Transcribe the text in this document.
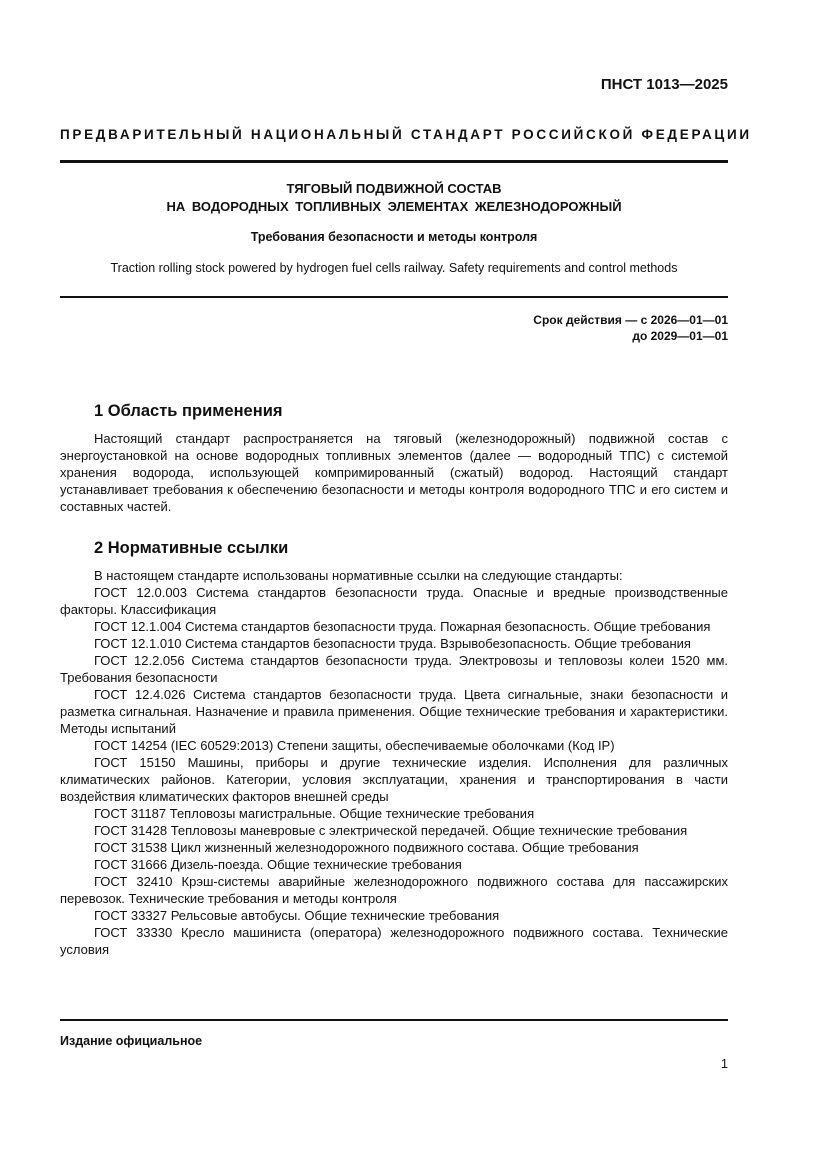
ПНСТ 1013—2025
ПРЕДВАРИТЕЛЬНЫЙ НАЦИОНАЛЬНЫЙ СТАНДАРТ РОССИЙСКОЙ ФЕДЕРАЦИИ
ТЯГОВЫЙ ПОДВИЖНОЙ СОСТАВ
НА ВОДОРОДНЫХ ТОПЛИВНЫХ ЭЛЕМЕНТАХ ЖЕЛЕЗНОДОРОЖНЫЙ
Требования безопасности и методы контроля
Traction rolling stock powered by hydrogen fuel cells railway. Safety requirements and control methods
Срок действия — с 2026—01—01
до 2029—01—01
1 Область применения

Настоящий стандарт распространяется на тяговый (железнодорожный) подвижной состав с энергоустановкой на основе водородных топливных элементов (далее — водородный ТПС) с системой хранения водорода, использующей компримированный (сжатый) водород. Настоящий стандарт устанавливает требования к обеспечению безопасности и методы контроля водородного ТПС и его систем и составных частей.

2 Нормативные ссылки

В настоящем стандарте использованы нормативные ссылки на следующие стандарты:

ГОСТ 12.0.003 Система стандартов безопасности труда. Опасные и вредные производственные факторы. Классификация

ГОСТ 12.1.004 Система стандартов безопасности труда. Пожарная безопасность. Общие требования

ГОСТ 12.1.010 Система стандартов безопасности труда. Взрывобезопасность. Общие требования

ГОСТ 12.2.056 Система стандартов безопасности труда. Электровозы и тепловозы колеи 1520 мм. Требования безопасности

ГОСТ 12.4.026 Система стандартов безопасности труда. Цвета сигнальные, знаки безопасности и разметка сигнальная. Назначение и правила применения. Общие технические требования и характеристики. Методы испытаний

ГОСТ 14254 (IEC 60529:2013) Степени защиты, обеспечиваемые оболочками (Код IP)

ГОСТ 15150 Машины, приборы и другие технические изделия. Исполнения для различных климатических районов. Категории, условия эксплуатации, хранения и транспортирования в части воздействия климатических факторов внешней среды

ГОСТ 31187 Тепловозы магистральные. Общие технические требования

ГОСТ 31428 Тепловозы маневровые с электрической передачей. Общие технические требования

ГОСТ 31538 Цикл жизненный железнодорожного подвижного состава. Общие требования

ГОСТ 31666 Дизель-поезда. Общие технические требования

ГОСТ 32410 Крэш-системы аварийные железнодорожного подвижного состава для пассажирских перевозок. Технические требования и методы контроля

ГОСТ 33327 Рельсовые автобусы. Общие технические требования

ГОСТ 33330 Кресло машиниста (оператора) железнодорожного подвижного состава. Технические условия

Издание официальное
1
